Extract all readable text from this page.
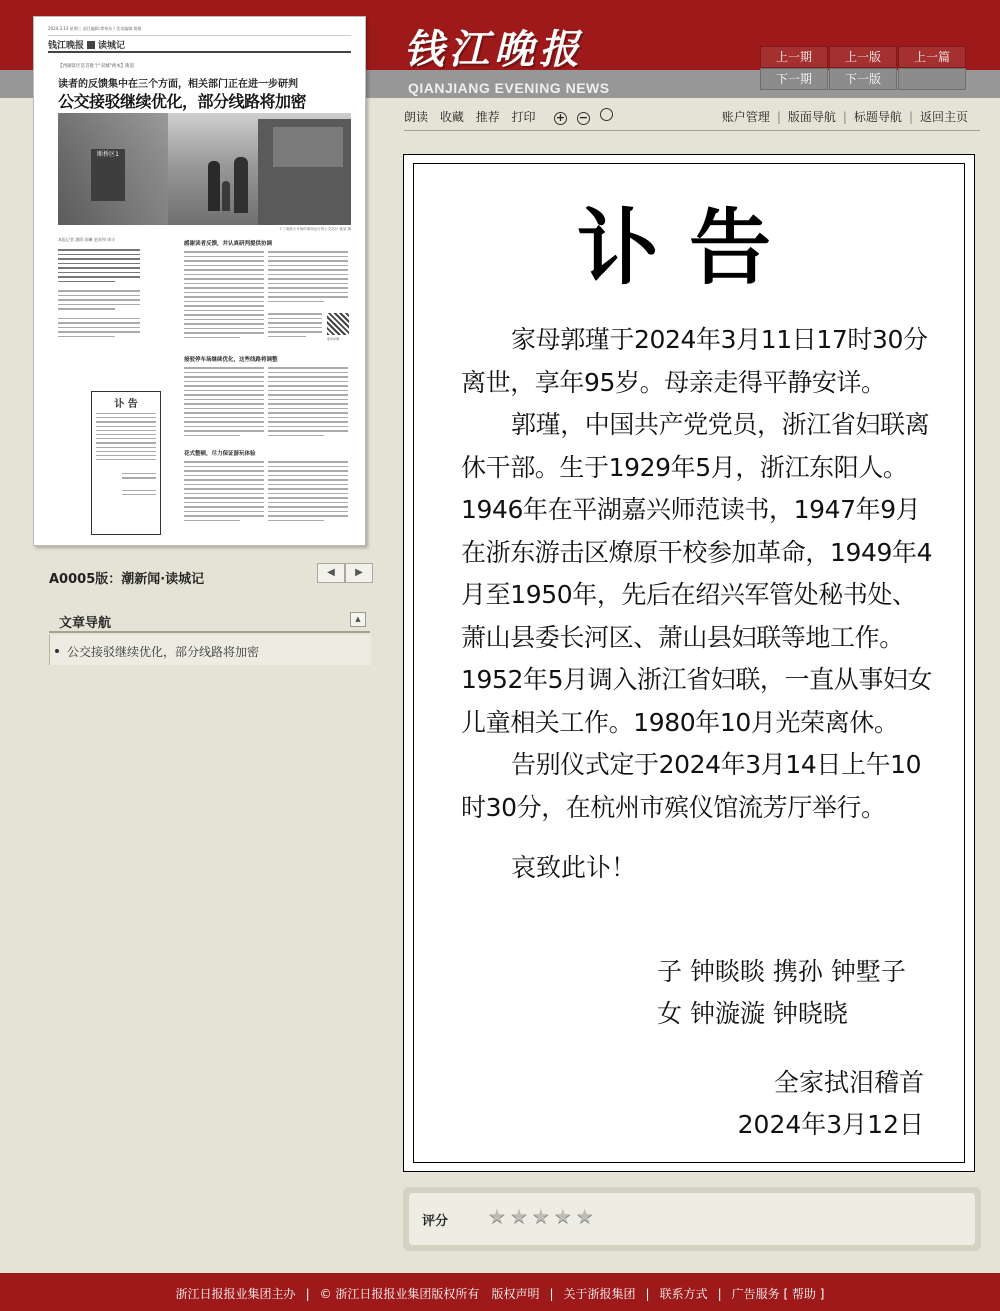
钱江晚报
QIANJIANG EVENING NEWS
上一期	上一版	上一篇
下一期	下一版
朗读 收藏 推荐 打印	+ −	账户管理 | 版面导航 | 标题导航 | 返回主页
2024.3.13 星期三 责任编辑:徐伟东 / 美术编辑:倪敏
钱江晚报 读城记
【西湖景区是首批个"双城"两本】街道
读者的反馈集中在三个方面，相关部门正在进一步研判
公交接驳继续优化，部分线路将加密
断桥区1
下了南路天开始的滚场运行的公交站台 姚某 摄
本报记者 潘阳 陈曦 赵寿和 周丰
感谢读者反馈，并认真研判提供协调
更多详情
接驳停车场继续优化，这些线路将调整
花式整顿，尽力保证游玩体验
讣 告
A0005版：潮新闻·读城记	◀	▶
文章导航	▲
公交接驳继续优化，部分线路将加密
讣告

家母郭瑾于2024年3月11日17时30分离世，享年95岁。母亲走得平静安详。

郭瑾，中国共产党党员，浙江省妇联离休干部。生于1929年5月，浙江东阳人。1946年在平湖嘉兴师范读书，1947年9月在浙东游击区燎原干校参加革命，1949年4月至1950年，先后在绍兴军管处秘书处、萧山县委长河区、萧山县妇联等地工作。1952年5月调入浙江省妇联，一直从事妇女儿童相关工作。1980年10月光荣离休。

告别仪式定于2024年3月14日上午10时30分，在杭州市殡仪馆流芳厅举行。

哀致此讣！
子 钟睒睒 携孙 钟墅子
女 钟漩漩 钟晓晓
全家拭泪稽首
2024年3月12日
评分 ★★★★★
浙江日报报业集团主办 | © 浙江日报报业集团版权所有 版权声明 | 关于浙报集团 | 联系方式 | 广告服务 [ 帮助 ]
